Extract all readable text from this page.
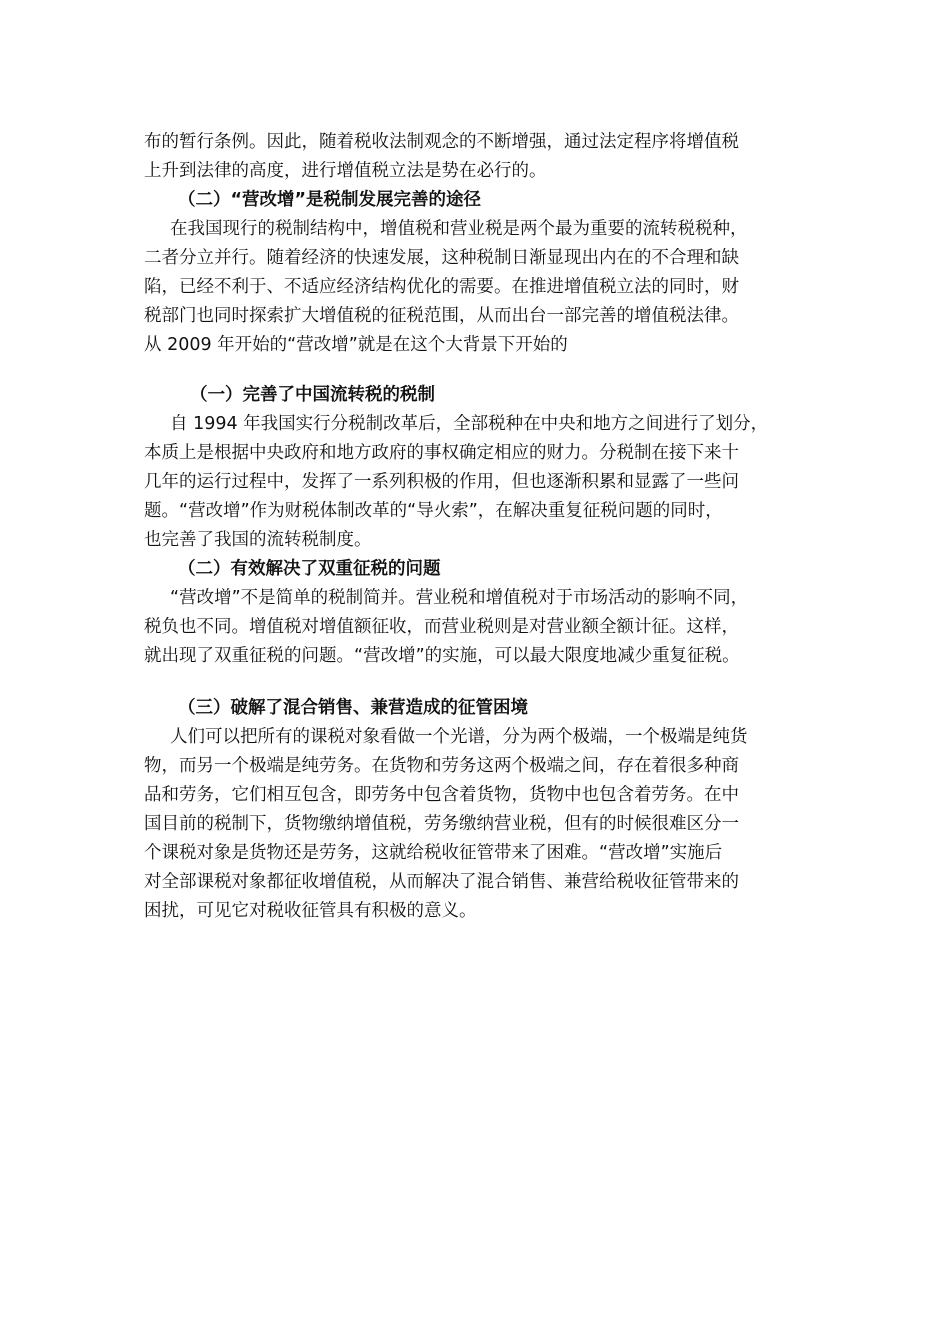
布的暂行条例。因此，随着税收法制观念的不断增强，通过法定程序将增值税
上升到法律的高度，进行增值税立法是势在必行的。
（二）“营改增”是税制发展完善的途径
在我国现行的税制结构中，增值税和营业税是两个最为重要的流转税税种，
二者分立并行。随着经济的快速发展，这种税制日渐显现出内在的不合理和缺
陷，已经不利于、不适应经济结构优化的需要。在推进增值税立法的同时，财
税部门也同时探索扩大增值税的征税范围，从而出台一部完善的增值税法律。
从 2009 年开始的“营改增”就是在这个大背景下开始的
（一）完善了中国流转税的税制
自 1994 年我国实行分税制改革后，全部税种在中央和地方之间进行了划分，
本质上是根据中央政府和地方政府的事权确定相应的财力。分税制在接下来十
几年的运行过程中，发挥了一系列积极的作用，但也逐渐积累和显露了一些问
题。“营改增”作为财税体制改革的“导火索”，在解决重复征税问题的同时，
也完善了我国的流转税制度。
（二）有效解决了双重征税的问题
“营改增”不是简单的税制简并。营业税和增值税对于市场活动的影响不同，
税负也不同。增值税对增值额征收，而营业税则是对营业额全额计征。这样，
就出现了双重征税的问题。“营改增”的实施，可以最大限度地减少重复征税。
（三）破解了混合销售、兼营造成的征管困境
人们可以把所有的课税对象看做一个光谱，分为两个极端，一个极端是纯货
物，而另一个极端是纯劳务。在货物和劳务这两个极端之间，存在着很多种商
品和劳务，它们相互包含，即劳务中包含着货物，货物中也包含着劳务。在中
国目前的税制下，货物缴纳增值税，劳务缴纳营业税，但有的时候很难区分一
个课税对象是货物还是劳务，这就给税收征管带来了困难。“营改增”实施后
对全部课税对象都征收增值税，从而解决了混合销售、兼营给税收征管带来的
困扰，可见它对税收征管具有积极的意义。
